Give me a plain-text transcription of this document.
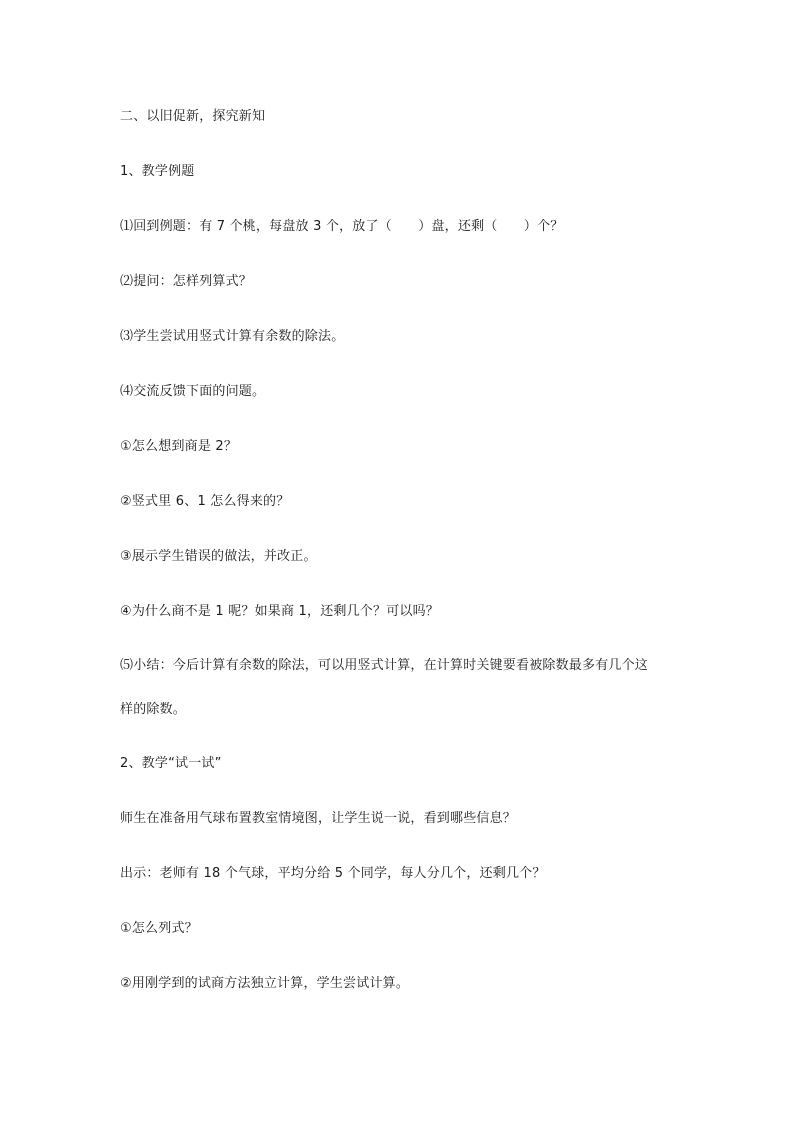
二、以旧促新，探究新知
1、教学例题
⑴回到例题：有 7 个桃，每盘放 3 个，放了（　　）盘，还剩（　　）个？
⑵提问：怎样列算式？
⑶学生尝试用竖式计算有余数的除法。
⑷交流反馈下面的问题。
①怎么想到商是 2？
②竖式里 6、1 怎么得来的？
③展示学生错误的做法，并改正。
④为什么商不是 1 呢？如果商 1，还剩几个？可以吗？
⑸小结：今后计算有余数的除法，可以用竖式计算，在计算时关键要看被除数最多有几个这
样的除数。
2、教学“试一试”
师生在准备用气球布置教室情境图，让学生说一说，看到哪些信息？
出示：老师有 18 个气球，平均分给 5 个同学，每人分几个，还剩几个？
①怎么列式？
②用刚学到的试商方法独立计算，学生尝试计算。
